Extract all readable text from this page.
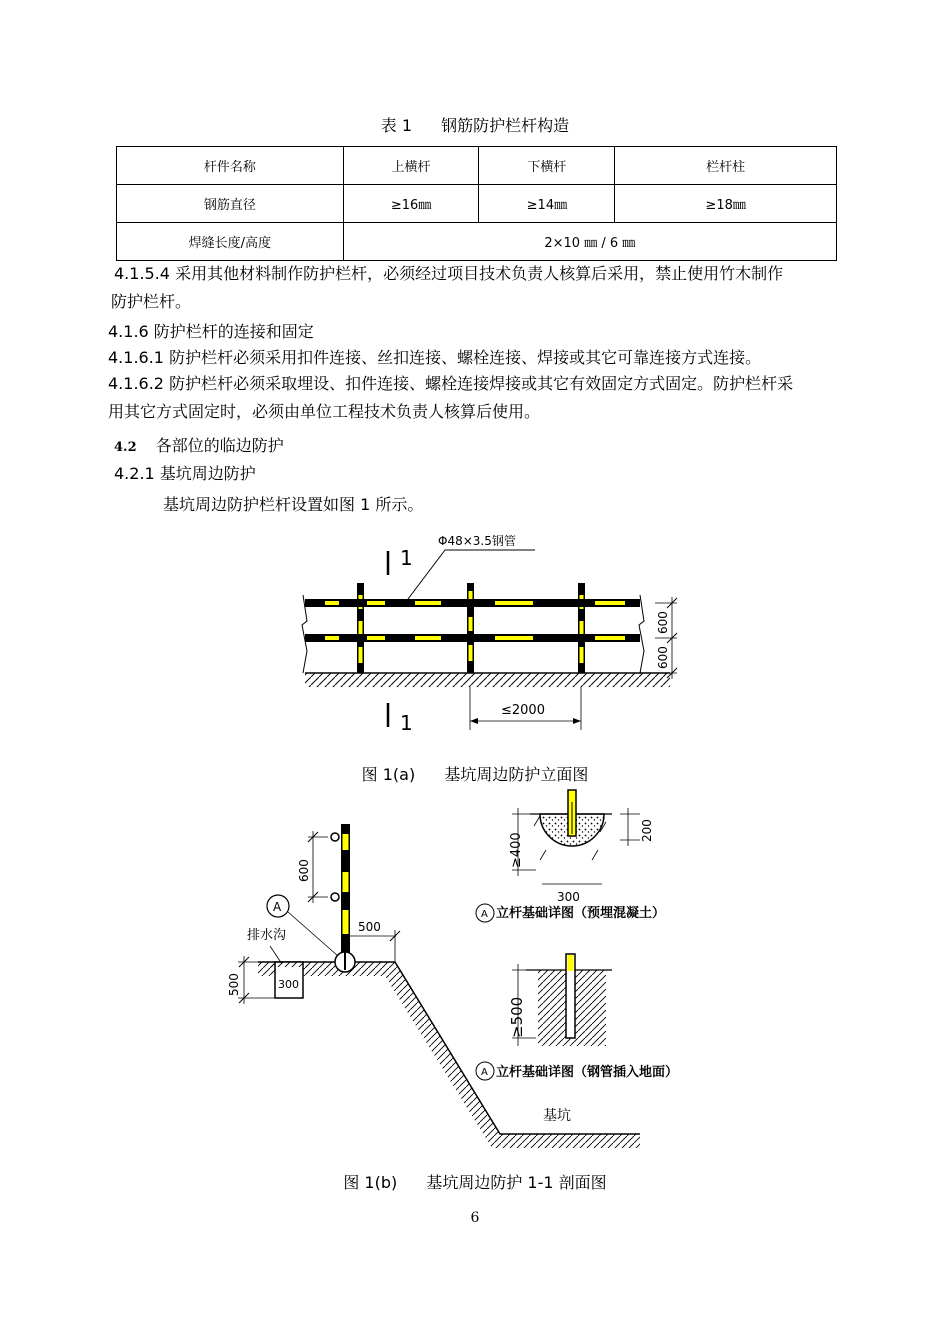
表 1 钢筋防护栏杆构造
杆件名称	上横杆	下横杆	栏杆柱
钢筋直径	≥16㎜	≥14㎜	≥18㎜
焊缝长度/高度	2×10 ㎜ / 6 ㎜		
4.1.5.4 采用其他材料制作防护栏杆，必须经过项目技术负责人核算后采用，禁止使用竹木制作
防护栏杆。
4.1.6 防护栏杆的连接和固定
4.1.6.1 防护栏杆必须采用扣件连接、丝扣连接、螺栓连接、焊接或其它可靠连接方式连接。
4.1.6.2 防护栏杆必须采取埋设、扣件连接、螺栓连接焊接或其它有效固定方式固定。防护栏杆采
用其它方式固定时，必须由单位工程技术负责人核算后使用。
4.2 各部位的临边防护
4.2.1 基坑周边防护
基坑周边防护栏杆设置如图 1 所示。
1
1
Φ48×3.5钢管
600
600
≤2000
图 1(a) 基坑周边防护立面图
300
排水沟
500
600
A
500
基坑
≥400
200
300
A 立杆基础详图（预埋混凝土）
≥500
A 立杆基础详图（钢管插入地面）
图 1(b) 基坑周边防护 1-1 剖面图
6
